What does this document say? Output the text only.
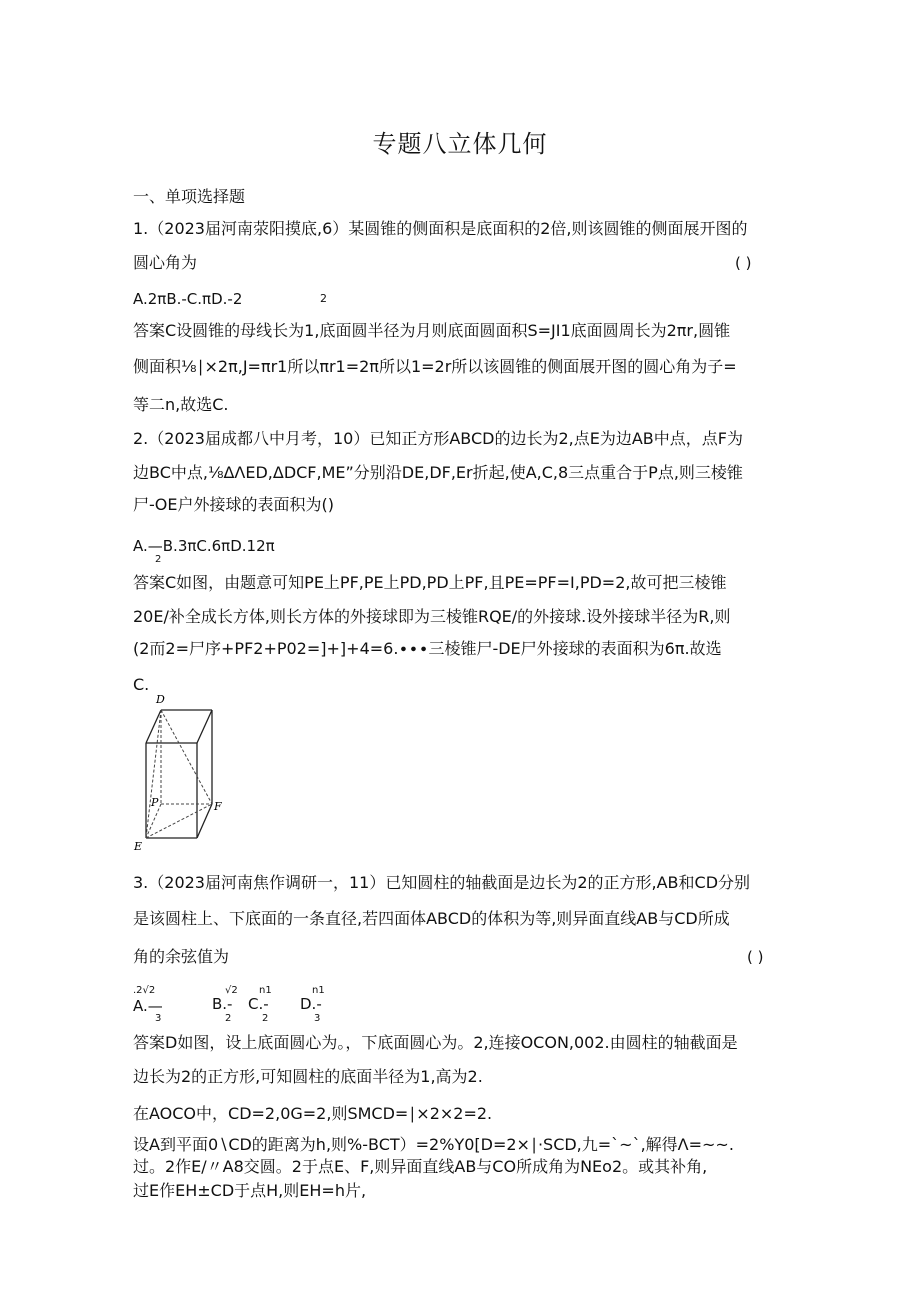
专题八立体几何
一、单项选择题
1.（2023届河南荥阳摸底,6）某圆锥的侧面积是底面积的2倍,则该圆锥的侧面展开图的
圆心角为	( )
A.2πB.-C.πD.-2	2
答案C设圆锥的母线长为1,底面圆半径为月则底面圆面积S=JI1底面圆周长为2πr,圆锥
侧面积⅛∣×2π,J=πr1所以πr1=2π所以1=2r所以该圆锥的侧面展开图的圆心角为子=
等二n,故选C.
2.（2023届成都八中月考，10）已知正方形ABCD的边长为2,点E为边AB中点，点F为
边BC中点,⅛ΔΛED,ΔDCF,ME”分别沿DE,DF,Er折起,使A,C,8三点重合于P点,则三棱锥
尸-OE户外接球的表面积为()
A.—B.3πC.6πD.12π
2
答案C如图，由题意可知PE上PF,PE上PD,PD上PF,且PE=PF=I,PD=2,故可把三棱锥
20E/补全成长方体,则长方体的外接球即为三棱锥RQE/的外接球.设外接球半径为R,则
(2而2=尸序+PF2+P02=]+]+4=6.∙∙∙三棱锥尸-DE尸外接球的表面积为6π.故选
C.
D
P	F
E
3.（2023届河南焦作调研一，11）已知圆柱的轴截面是边长为2的正方形,AB和CD分别
是该圆柱上、下底面的一条直径,若四面体ABCD的体积为等,则异面直线AB与CD所成
角的余弦值为	( )
.2√2
A.—
3
√2
B.-
2
n1
C.-
2
n1
D.-
3
答案D如图，设上底面圆心为。，下底面圆心为。2,连接OCON,002.由圆柱的轴截面是
边长为2的正方形,可知圆柱的底面半径为1,高为2.
在AOCO中，CD=2,0G=2,则SMCD=∣×2×2=2.
设A到平面0∖CD的距离为h,则%-BCT）=2%Y0[D=2×∣·SCD,九=`~`,解得Λ=~~.
过。2作E/〃A8交圆。2于点E、F,则异面直线AB与CO所成角为NEo2。或其补角,
过E作EH±CD于点H,则EH=h片,
